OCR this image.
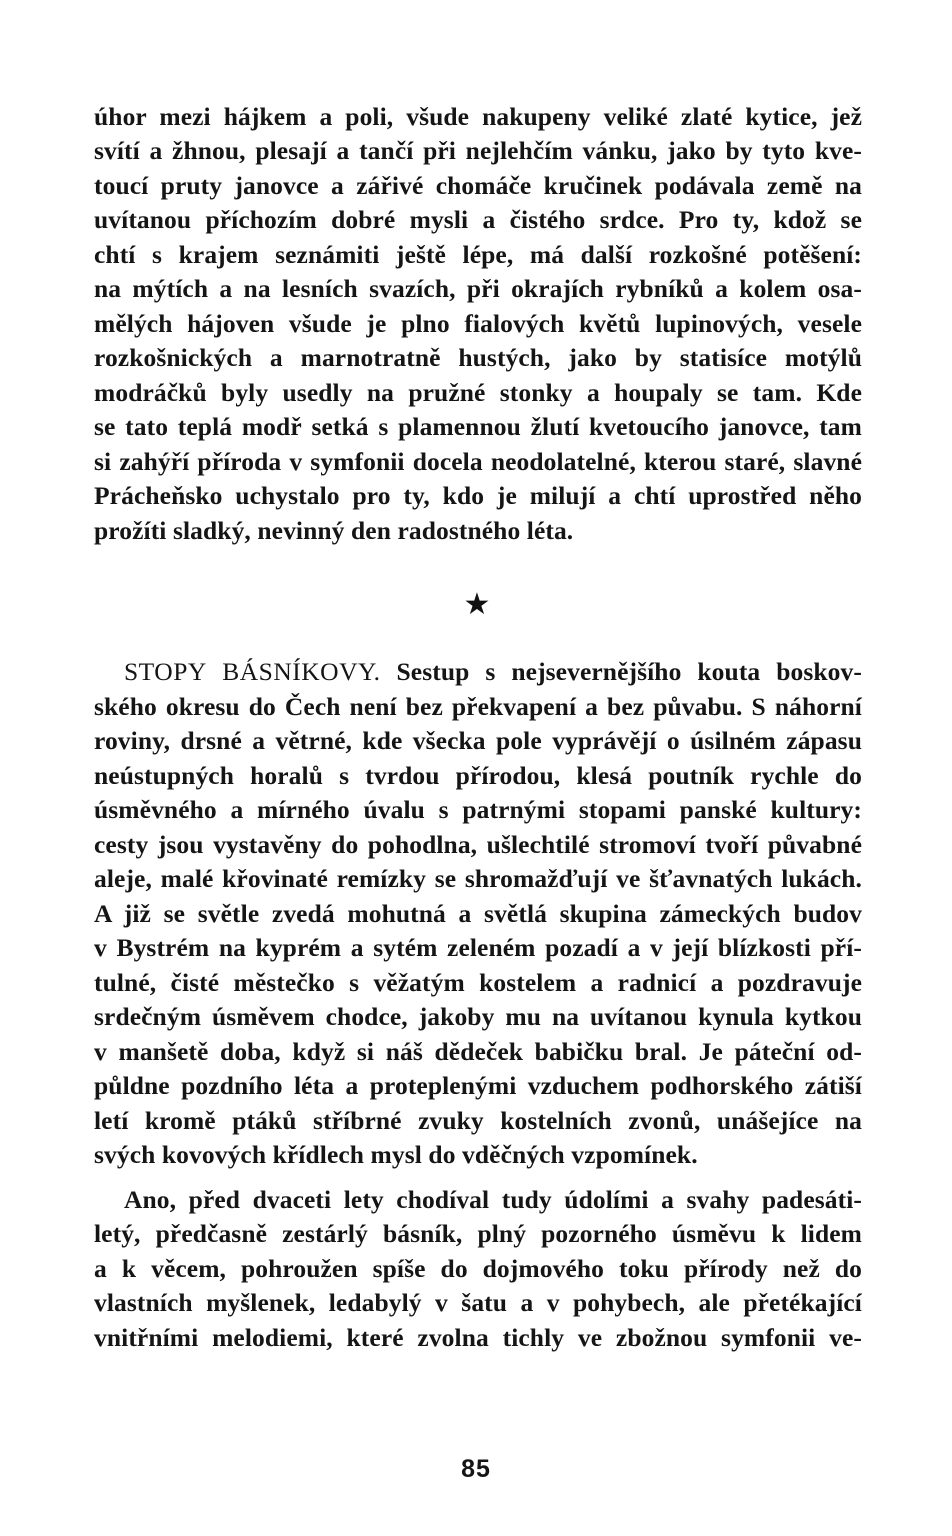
úhor mezi hájkem a poli, všude nakupeny veliké zlaté kytice, jež
svítí a žhnou, plesají a tančí při nejlehčím vánku, jako by tyto kve-
toucí pruty janovce a zářivé chomáče kručinek podávala země na
uvítanou příchozím dobré mysli a čistého srdce. Pro ty, kdož se
chtí s krajem seznámiti ještě lépe, má další rozkošné potěšení:
na mýtích a na lesních svazích, při okrajích rybníků a kolem osa-
mělých hájoven všude je plno fialových květů lupinových, vesele
rozkošnických a marnotratně hustých, jako by statisíce motýlů
modráčků byly usedly na pružné stonky a houpaly se tam. Kde
se tato teplá modř setká s plamennou žlutí kvetoucího janovce, tam
si zahýří příroda v symfonii docela neodolatelné, kterou staré, slavné
Prácheňsko uchystalo pro ty, kdo je milují a chtí uprostřed něho
prožíti sladký, nevinný den radostného léta.
★
STOPY BÁSNÍKOVY. Sestup s nejsevernějšího kouta boskov-
ského okresu do Čech není bez překvapení a bez půvabu. S náhorní
roviny, drsné a větrné, kde všecka pole vyprávějí o úsilném zápasu
neústupných horalů s tvrdou přírodou, klesá poutník rychle do
úsměvného a mírného úvalu s patrnými stopami panské kultury:
cesty jsou vystavěny do pohodlna, ušlechtilé stromoví tvoří půvabné
aleje, malé křovinaté remízky se shromažďují ve šťavnatých lukách.
A již se světle zvedá mohutná a světlá skupina zámeckých budov
v Bystrém na kyprém a sytém zeleném pozadí a v její blízkosti pří-
tulné, čisté městečko s věžatým kostelem a radnicí a pozdravuje
srdečným úsměvem chodce, jakoby mu na uvítanou kynula kytkou
v manšetě doba, když si náš dědeček babičku bral. Je páteční od-
půldne pozdního léta a proteplenými vzduchem podhorského zátiší
letí kromě ptáků stříbrné zvuky kostelních zvonů, unášejíce na
svých kovových křídlech mysl do vděčných vzpomínek.
Ano, před dvaceti lety chodíval tudy údolími a svahy padesáti-
letý, předčasně zestárlý básník, plný pozorného úsměvu k lidem
a k věcem, pohroužen spíše do dojmového toku přírody než do
vlastních myšlenek, ledabylý v šatu a v pohybech, ale přetékající
vnitřními melodiemi, které zvolna tichly ve zbožnou symfonii ve-
85
